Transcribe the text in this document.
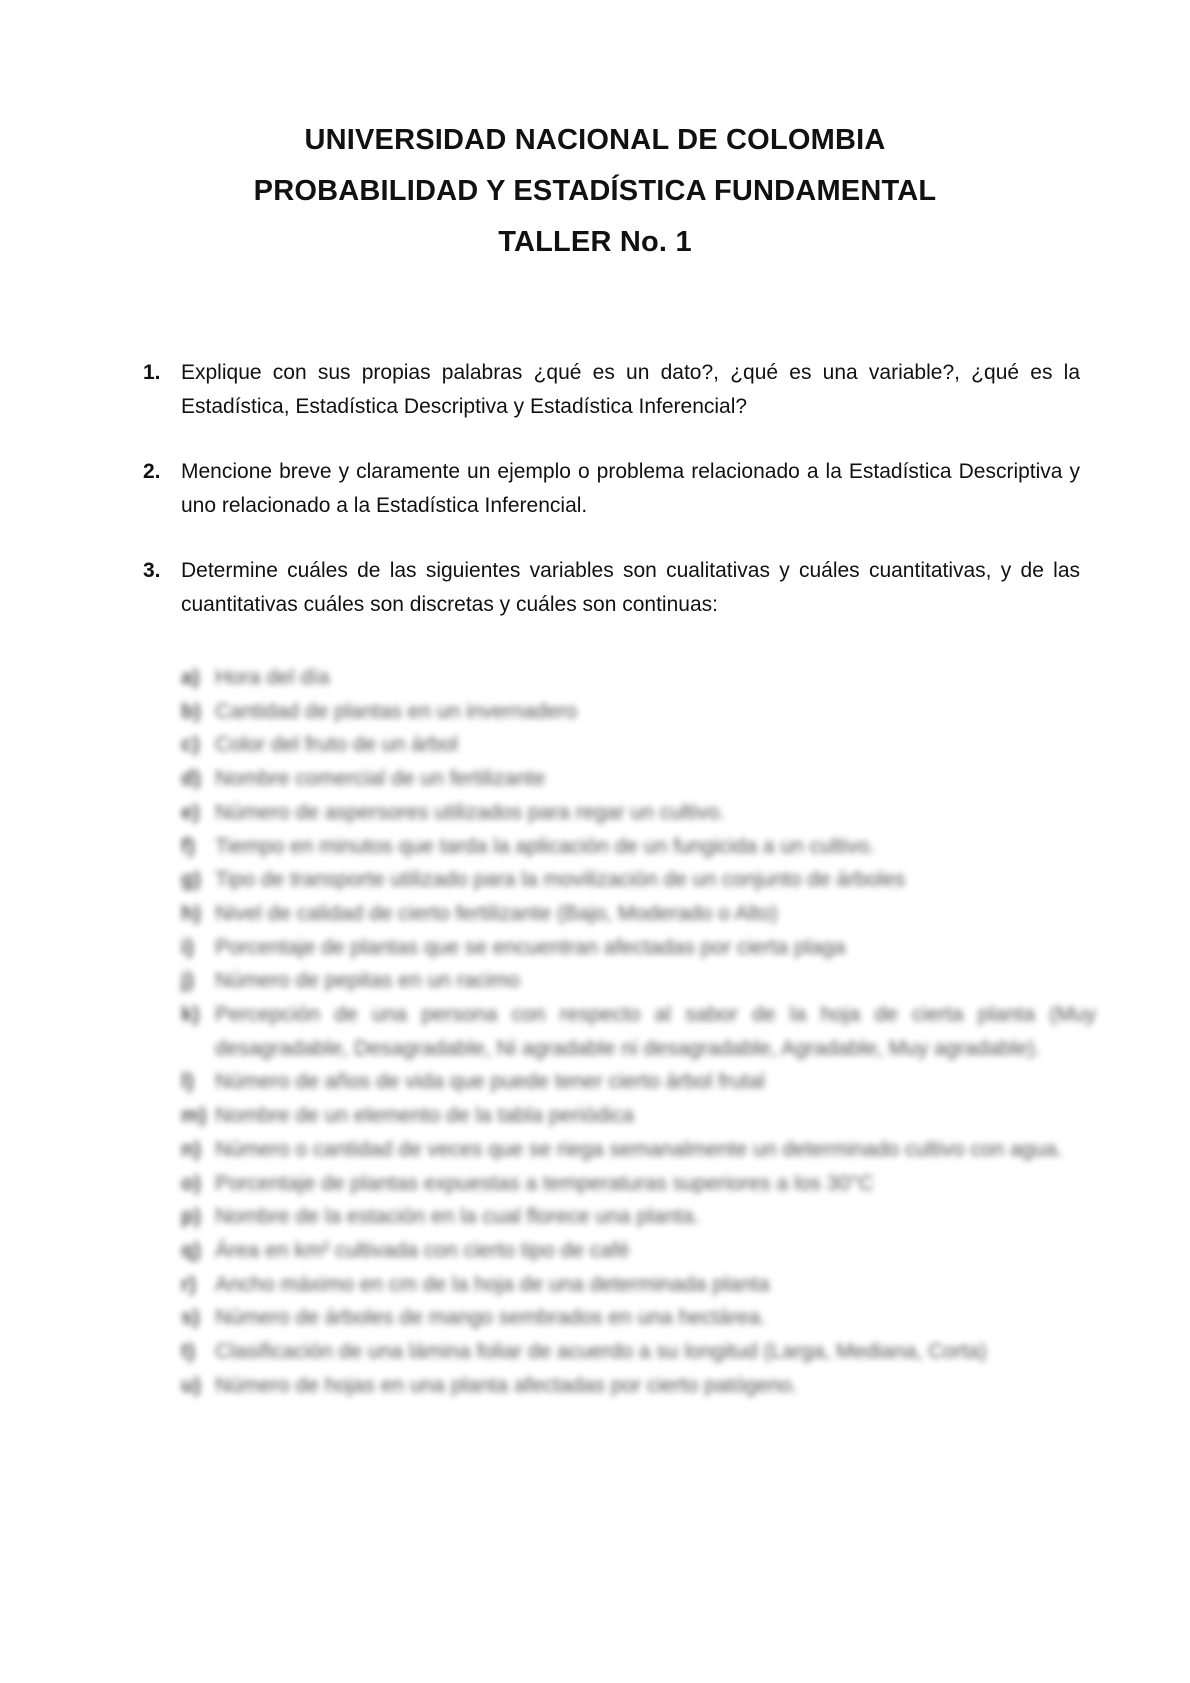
UNIVERSIDAD NACIONAL DE COLOMBIA
PROBABILIDAD Y ESTADÍSTICA FUNDAMENTAL
TALLER No. 1
1. Explique con sus propias palabras ¿qué es un dato?, ¿qué es una variable?, ¿qué es la Estadística, Estadística Descriptiva y Estadística Inferencial?
2. Mencione breve y claramente un ejemplo o problema relacionado a la Estadística Descriptiva y uno relacionado a la Estadística Inferencial.
3. Determine cuáles de las siguientes variables son cualitativas y cuáles cuantitativas, y de las cuantitativas cuáles son discretas y cuáles son continuas:
a) Hora del día
b) Cantidad de plantas en un invernadero
c) Color del fruto de un árbol
d) Nombre comercial de un fertilizante
e) Número de aspersores utilizados para regar un cultivo.
f) Tiempo en minutos que tarda la aplicación de un fungicida a un cultivo.
g) Tipo de transporte utilizado para la movilización de un conjunto de árboles
h) Nivel de calidad de cierto fertilizante (Bajo, Moderado o Alto)
i) Porcentaje de plantas que se encuentran afectadas por cierta plaga
j) Número de pepitas en un racimo
k) Percepción de una persona con respecto al sabor de la hoja de cierta planta (Muy desagradable, Desagradable, Ni agradable ni desagradable, Agradable, Muy agradable).
l) Número de años de vida que puede tener cierto árbol frutal
m) Nombre de un elemento de la tabla periódica
n) Número o cantidad de veces que se riega semanalmente un determinado cultivo con agua.
o) Porcentaje de plantas expuestas a temperaturas superiores a los 30°C
p) Nombre de la estación en la cual florece una planta.
q) Área en km² cultivada con cierto tipo de café
r) Ancho máximo en cm de la hoja de una determinada planta
s) Número de árboles de mango sembrados en una hectárea.
t) Clasificación de una lámina foliar de acuerdo a su longitud (Larga, Mediana, Corta)
u) Número de hojas en una planta afectadas por cierto patógeno.
